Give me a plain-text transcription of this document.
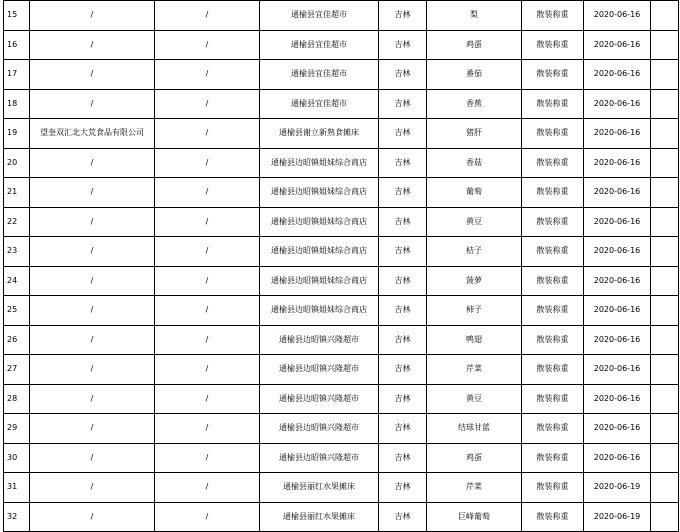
15	/	/	通榆县宜佳超市	吉林	梨	散装称重	2020-06-16	
16	/	/	通榆县宜佳超市	吉林	鸡蛋	散装称重	2020-06-16	
17	/	/	通榆县宜佳超市	吉林	番茄	散装称重	2020-06-16	
18	/	/	通榆县宜佳超市	吉林	香蕉	散装称重	2020-06-16	
19	望奎双汇北大荒食品有限公司	/	通榆县谢立新熟食摊床	吉林	猪肝	散装称重	2020-06-16	
20	/	/	通榆县边昭镇姐妹综合商店	吉林	香菇	散装称重	2020-06-16	
21	/	/	通榆县边昭镇姐妹综合商店	吉林	葡萄	散装称重	2020-06-16	
22	/	/	通榆县边昭镇姐妹综合商店	吉林	黄豆	散装称重	2020-06-16	
23	/	/	通榆县边昭镇姐妹综合商店	吉林	桔子	散装称重	2020-06-16	
24	/	/	通榆县边昭镇姐妹综合商店	吉林	菠萝	散装称重	2020-06-16	
25	/	/	通榆县边昭镇姐妹综合商店	吉林	柿子	散装称重	2020-06-16	
26	/	/	通榆县边昭镇兴隆超市	吉林	鸭翅	散装称重	2020-06-16	
27	/	/	通榆县边昭镇兴隆超市	吉林	芹菜	散装称重	2020-06-16	
28	/	/	通榆县边昭镇兴隆超市	吉林	黄豆	散装称重	2020-06-16	
29	/	/	通榆县边昭镇兴隆超市	吉林	结球甘蓝	散装称重	2020-06-16	
30	/	/	通榆县边昭镇兴隆超市	吉林	鸡蛋	散装称重	2020-06-16	
31	/	/	通榆县丽红水果摊床	吉林	芹菜	散装称重	2020-06-19	
32	/	/	通榆县丽红水果摊床	吉林	巨峰葡萄	散装称重	2020-06-19	
